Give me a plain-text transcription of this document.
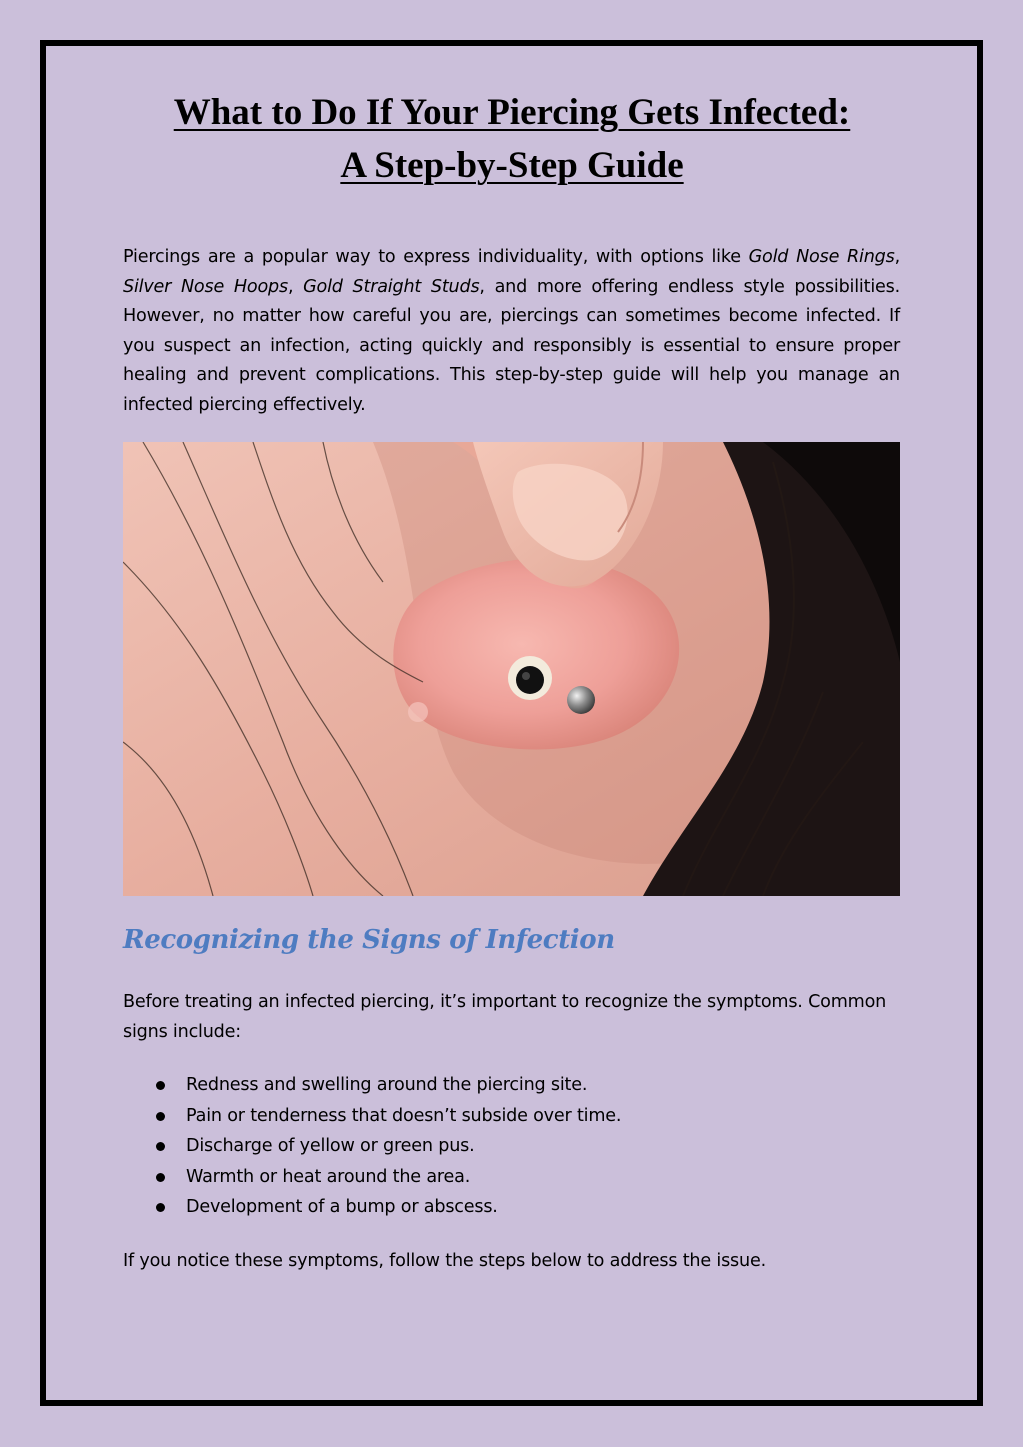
What to Do If Your Piercing Gets Infected:
A Step-by-Step Guide

Piercings are a popular way to express individuality, with options like Gold Nose Rings, Silver Nose Hoops, Gold Straight Studs, and more offering endless style possibilities. However, no matter how careful you are, piercings can sometimes become infected. If you suspect an infection, acting quickly and responsibly is essential to ensure proper healing and prevent complications. This step-by-step guide will help you manage an infected piercing effectively.

Recognizing the Signs of Infection

Before treating an infected piercing, it’s important to recognize the symptoms. Common signs include:

Redness and swelling around the piercing site.
Pain or tenderness that doesn’t subside over time.
Discharge of yellow or green pus.
Warmth or heat around the area.
Development of a bump or abscess.

If you notice these symptoms, follow the steps below to address the issue.
